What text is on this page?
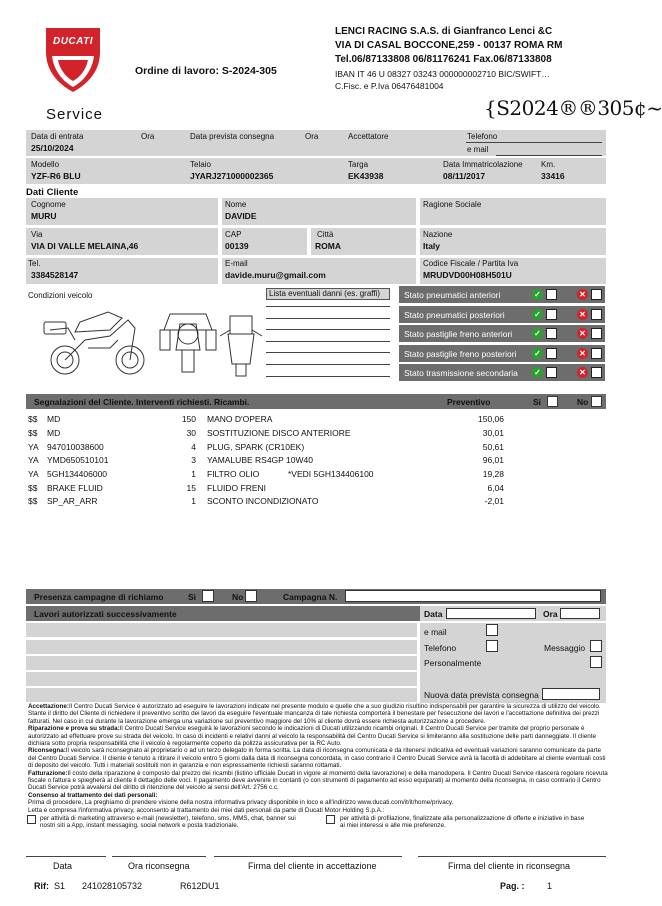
DUCATI
Service
Ordine di lavoro: S-2024-305
LENCI RACING S.A.S. di Gianfranco Lenci &C
VIA DI CASAL BOCCONE,259 - 00137 ROMA RM
Tel.06/87133808 06/81176241 Fax.06/87133808
IBAN IT 46 U 08327 03243 000000002710 BIC/SWIFT…
C.Fisc. e P.Iva 06476481004
{S2024®®305¢~
Data di entrata
25/10/2024
Ora	Data prevista consegna	Ora	Accettatore	Telefono
e mail
Modello
YZF-R6 BLU
Telaio
JYARJ271000002365
Targa
EK43938
Data Immatricolazione
08/11/2017
Km.
33416
Dati Cliente
Cognome
MURU
Nome
DAVIDE
Ragione Sociale
Via
VIA DI VALLE MELAINA,46
CAP
00139
Città
ROMA
Nazione
Italy
Tel.
3384528147
E-mail
davide.muru@gmail.com
Codice Fiscale / Partita Iva
MRUDVD00H08H501U
Condizioni veicolo	Lista eventuali danni (es. graffi)	Stato pneumatici anteriori	✓	✕
Stato pneumatici posteriori	✓	✕
Stato pastiglie freno anteriori	✓	✕
Stato pastiglie freno posteriori ✓	✕
Stato trasmissione secondaria ✓	✕
Segnalazioni del Cliente. Interventi richiesti. Ricambi.	Preventivo	Si	No
$$ MD	150 MANO D'OPERA	150,06
$$ MD	30 SOSTITUZIONE DISCO ANTERIORE	30,01
YA 947010038600	4 PLUG, SPARK (CR10EK)	50,61
YA YMD650510101	3 YAMALUBE RS4GP 10W40	96,01
YA 5GH134406000	1 FILTRO OLIO	*VEDI 5GH134406100	19,28
$$ BRAKE FLUID	15 FLUIDO FRENI	6,04
$$ SP_AR_ARR	1 SCONTO INCONDIZIONATO	-2,01
Presenza campagne di richiamo	Sì	No	Campagna N.
Lavori autorizzati successivamente	Data	Ora
e mail
Telefono	Messaggio
Personalmente
Nuova data prevista consegna
Accettazione:Il Centro Ducati Service è autorizzato ad eseguire le lavorazioni indicate nel presente modulo e quelle che a suo giudizio risultino indispensabili per garantire la sicurezza di utilizzo del veicolo. Stante il diritto del Cliente di richiedere il preventivo scritto dei lavori da eseguire l'eventuale mancanza di tale richiesta comporterà il benestare per l'esecuzione dei lavori e l'accettazione definitiva dei prezzi fatturati. Nel caso in cui durante la lavorazione emerga una variazione sul preventivo maggiore del 10% al cliente dovrà essere richiesta autorizzazione a procedere.
Riparazione e prova su strada:Il Centro Ducati Service eseguirà le lavorazioni secondo le indicazioni di Ducati utilizzando ricambi originali. Il Centro Ducati Service per tramite del proprio personale è autorizzato ad effettuare prove su strada del veicolo. In caso di incidenti e relativi danni al veicolo la responsabilità del Centro Ducati Service si limiteranno alla sostituzione delle parti danneggiate. Il cliente dichiara sotto propria responsabilità che il veicolo è regolarmente coperto da polizza assicurativa per la RC Auto.
Riconsegna:Il veicolo sarà riconsegnato al proprietario o ad un terzo delegato in forma scritta. La data di riconsegna comunicata è da ritenersi indicativa ed eventuali variazioni saranno comunicate da parte del Centro Ducati Service. Il cliente è tenuto a ritirare il veicolo entro 5 giorni dalla data di riconsegna concordata, in caso contrario il Centro Ducati Service avrà la facoltà di addebitare al cliente eventuali costi di deposito del veicolo. Tutti i materiali sostituiti non in garanzia e non espressamente richiesti saranno rottamati.
Fatturazione:Il costo della riparazione è composto dal prezzo dei ricambi (listino ufficiale Ducati in vigore al momento della lavorazione) e della manodopera. Il Centro Ducati Service rilascerà regolare ricevuta fiscale o fattura e spiegherà al cliente il dettaglio delle voci. Il pagamento deve avvenire in contanti (o con strumenti di pagamento ad esso equiparati) al momento della riconsegna, in caso contrario il Centro Ducati Service potrà avvalersi del diritto di ritenzione del veicolo ai sensi dell'Art. 2756 c.c.
Consenso al trattamento dei dati personali:
Prima di procedere, La preghiamo di prendere visione della nostra informativa privacy disponibile in loco e all'indirizzo www.ducati.com/it/it/home/privacy.
Letta e compresa l'informativa privacy, acconsento al trattamento dei miei dati personali da parte di Ducati Motor Holding S.p.A.:
per attività di marketing attraverso e-mail (newsletter), telefono, sms, MMS, chat, banner sui nostri siti a App, instant messaging, social network e posta tradizionale.
per attività di profilazione, finalizzate alla personalizzazione di offerte e iniziative in base ai miei interessi e alle mie preferenze.
Data	Ora riconsegna	Firma del cliente in accettazione	Firma del cliente in riconsegna
Rif: S1 241028105732	R612DU1	Pag. : 1
